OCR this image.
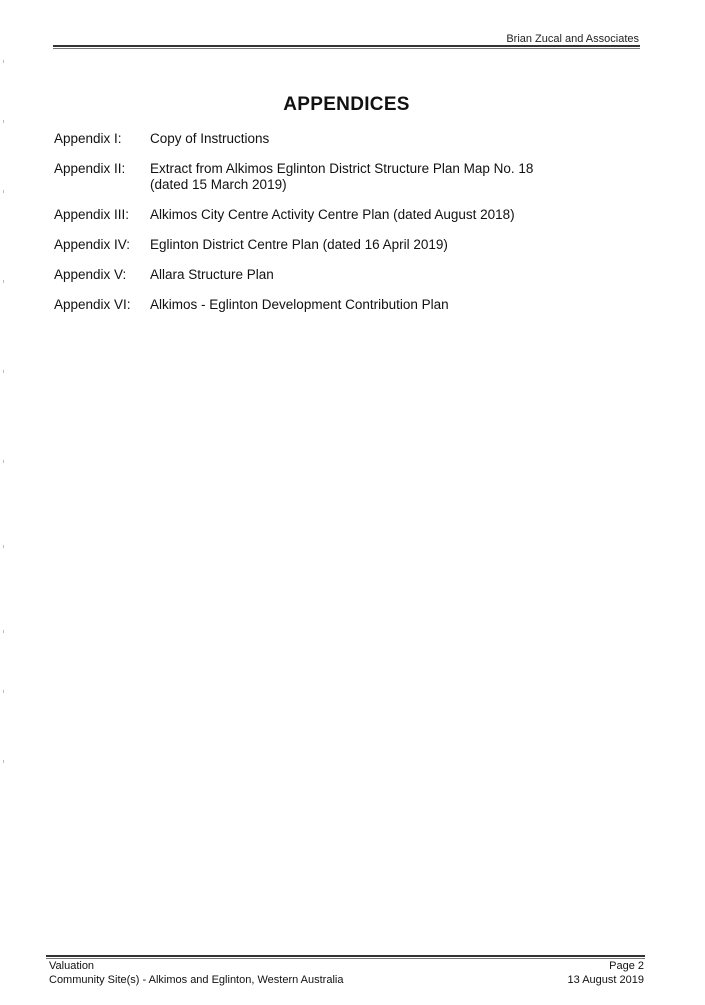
Brian Zucal and Associates
APPENDICES
Appendix I:	Copy of Instructions
Appendix II:	Extract from Alkimos Eglinton District Structure Plan Map No. 18
(dated 15 March 2019)
Appendix III:	Alkimos City Centre Activity Centre Plan (dated August 2018)
Appendix IV:	Eglinton District Centre Plan (dated 16 April 2019)
Appendix V:	Allara Structure Plan
Appendix VI:	Alkimos - Eglinton Development Contribution Plan
Valuation
Community Site(s) - Alkimos and Eglinton, Western Australia
Page 2
13 August 2019
